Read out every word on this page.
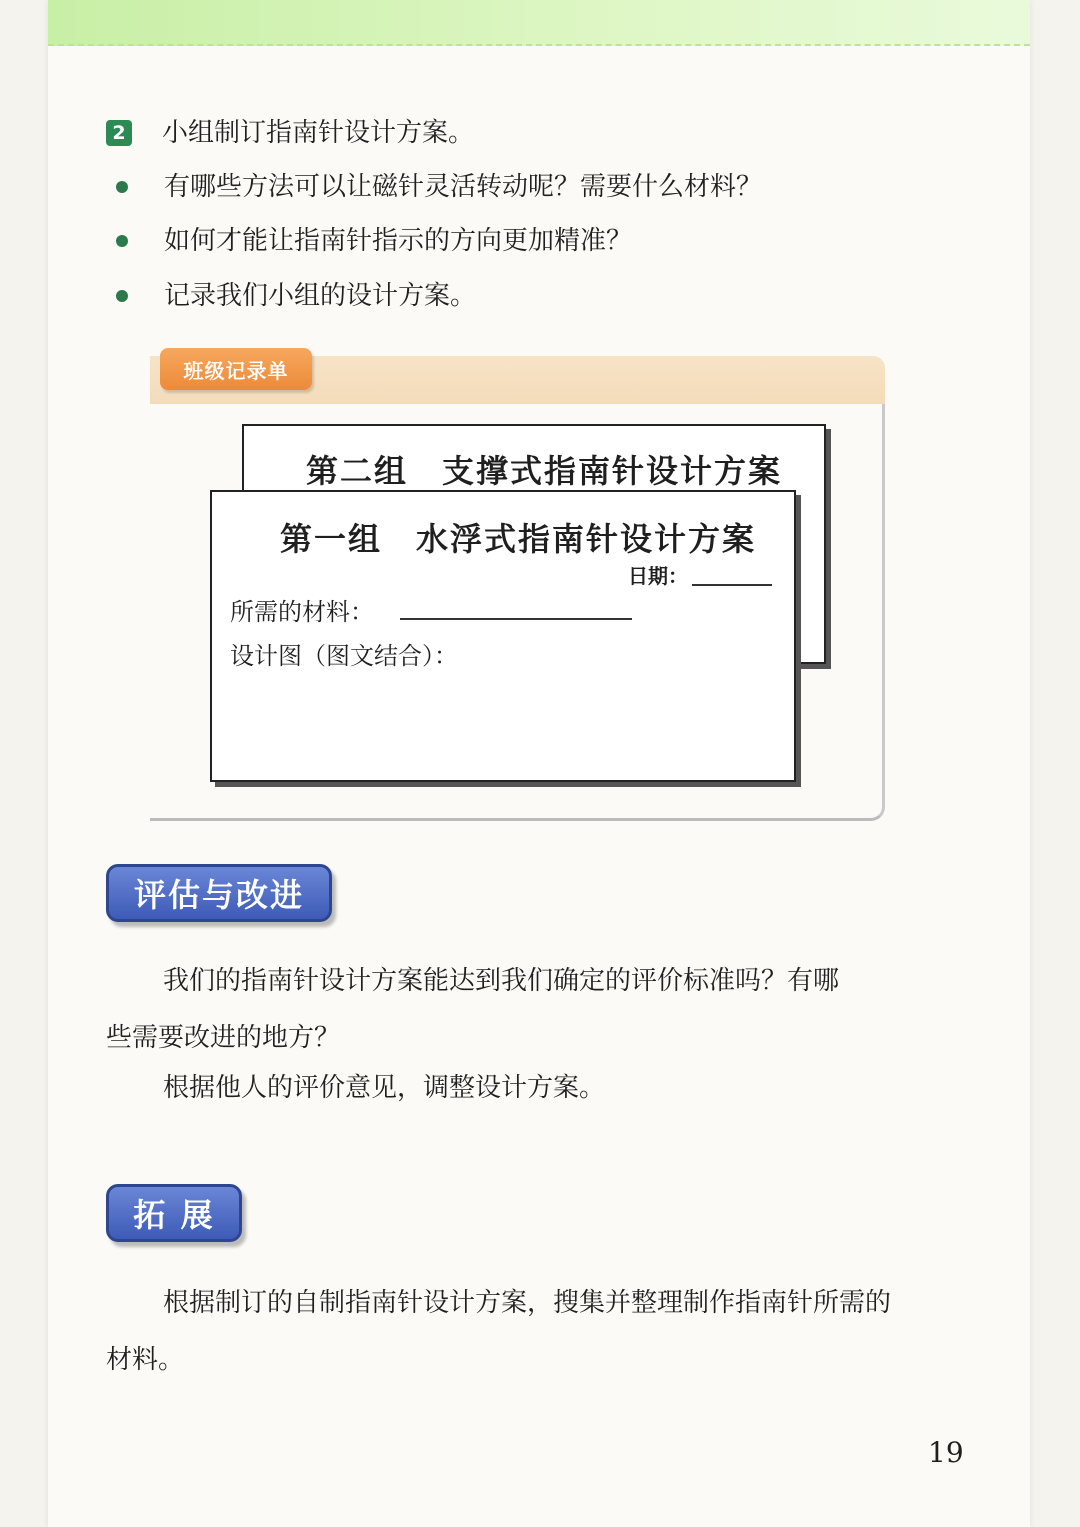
2 小组制订指南针设计方案。
有哪些方法可以让磁针灵活转动呢？需要什么材料？
如何才能让指南针指示的方向更加精准？
记录我们小组的设计方案。
班级记录单
第二组　支撑式指南针设计方案
第一组　水浮式指南针设计方案
日期：
所需的材料：
设计图（图文结合）：
评估与改进
我们的指南针设计方案能达到我们确定的评价标准吗？有哪
些需要改进的地方？
根据他人的评价意见，调整设计方案。
拓 展
根据制订的自制指南针设计方案，搜集并整理制作指南针所需的
材料。
19
